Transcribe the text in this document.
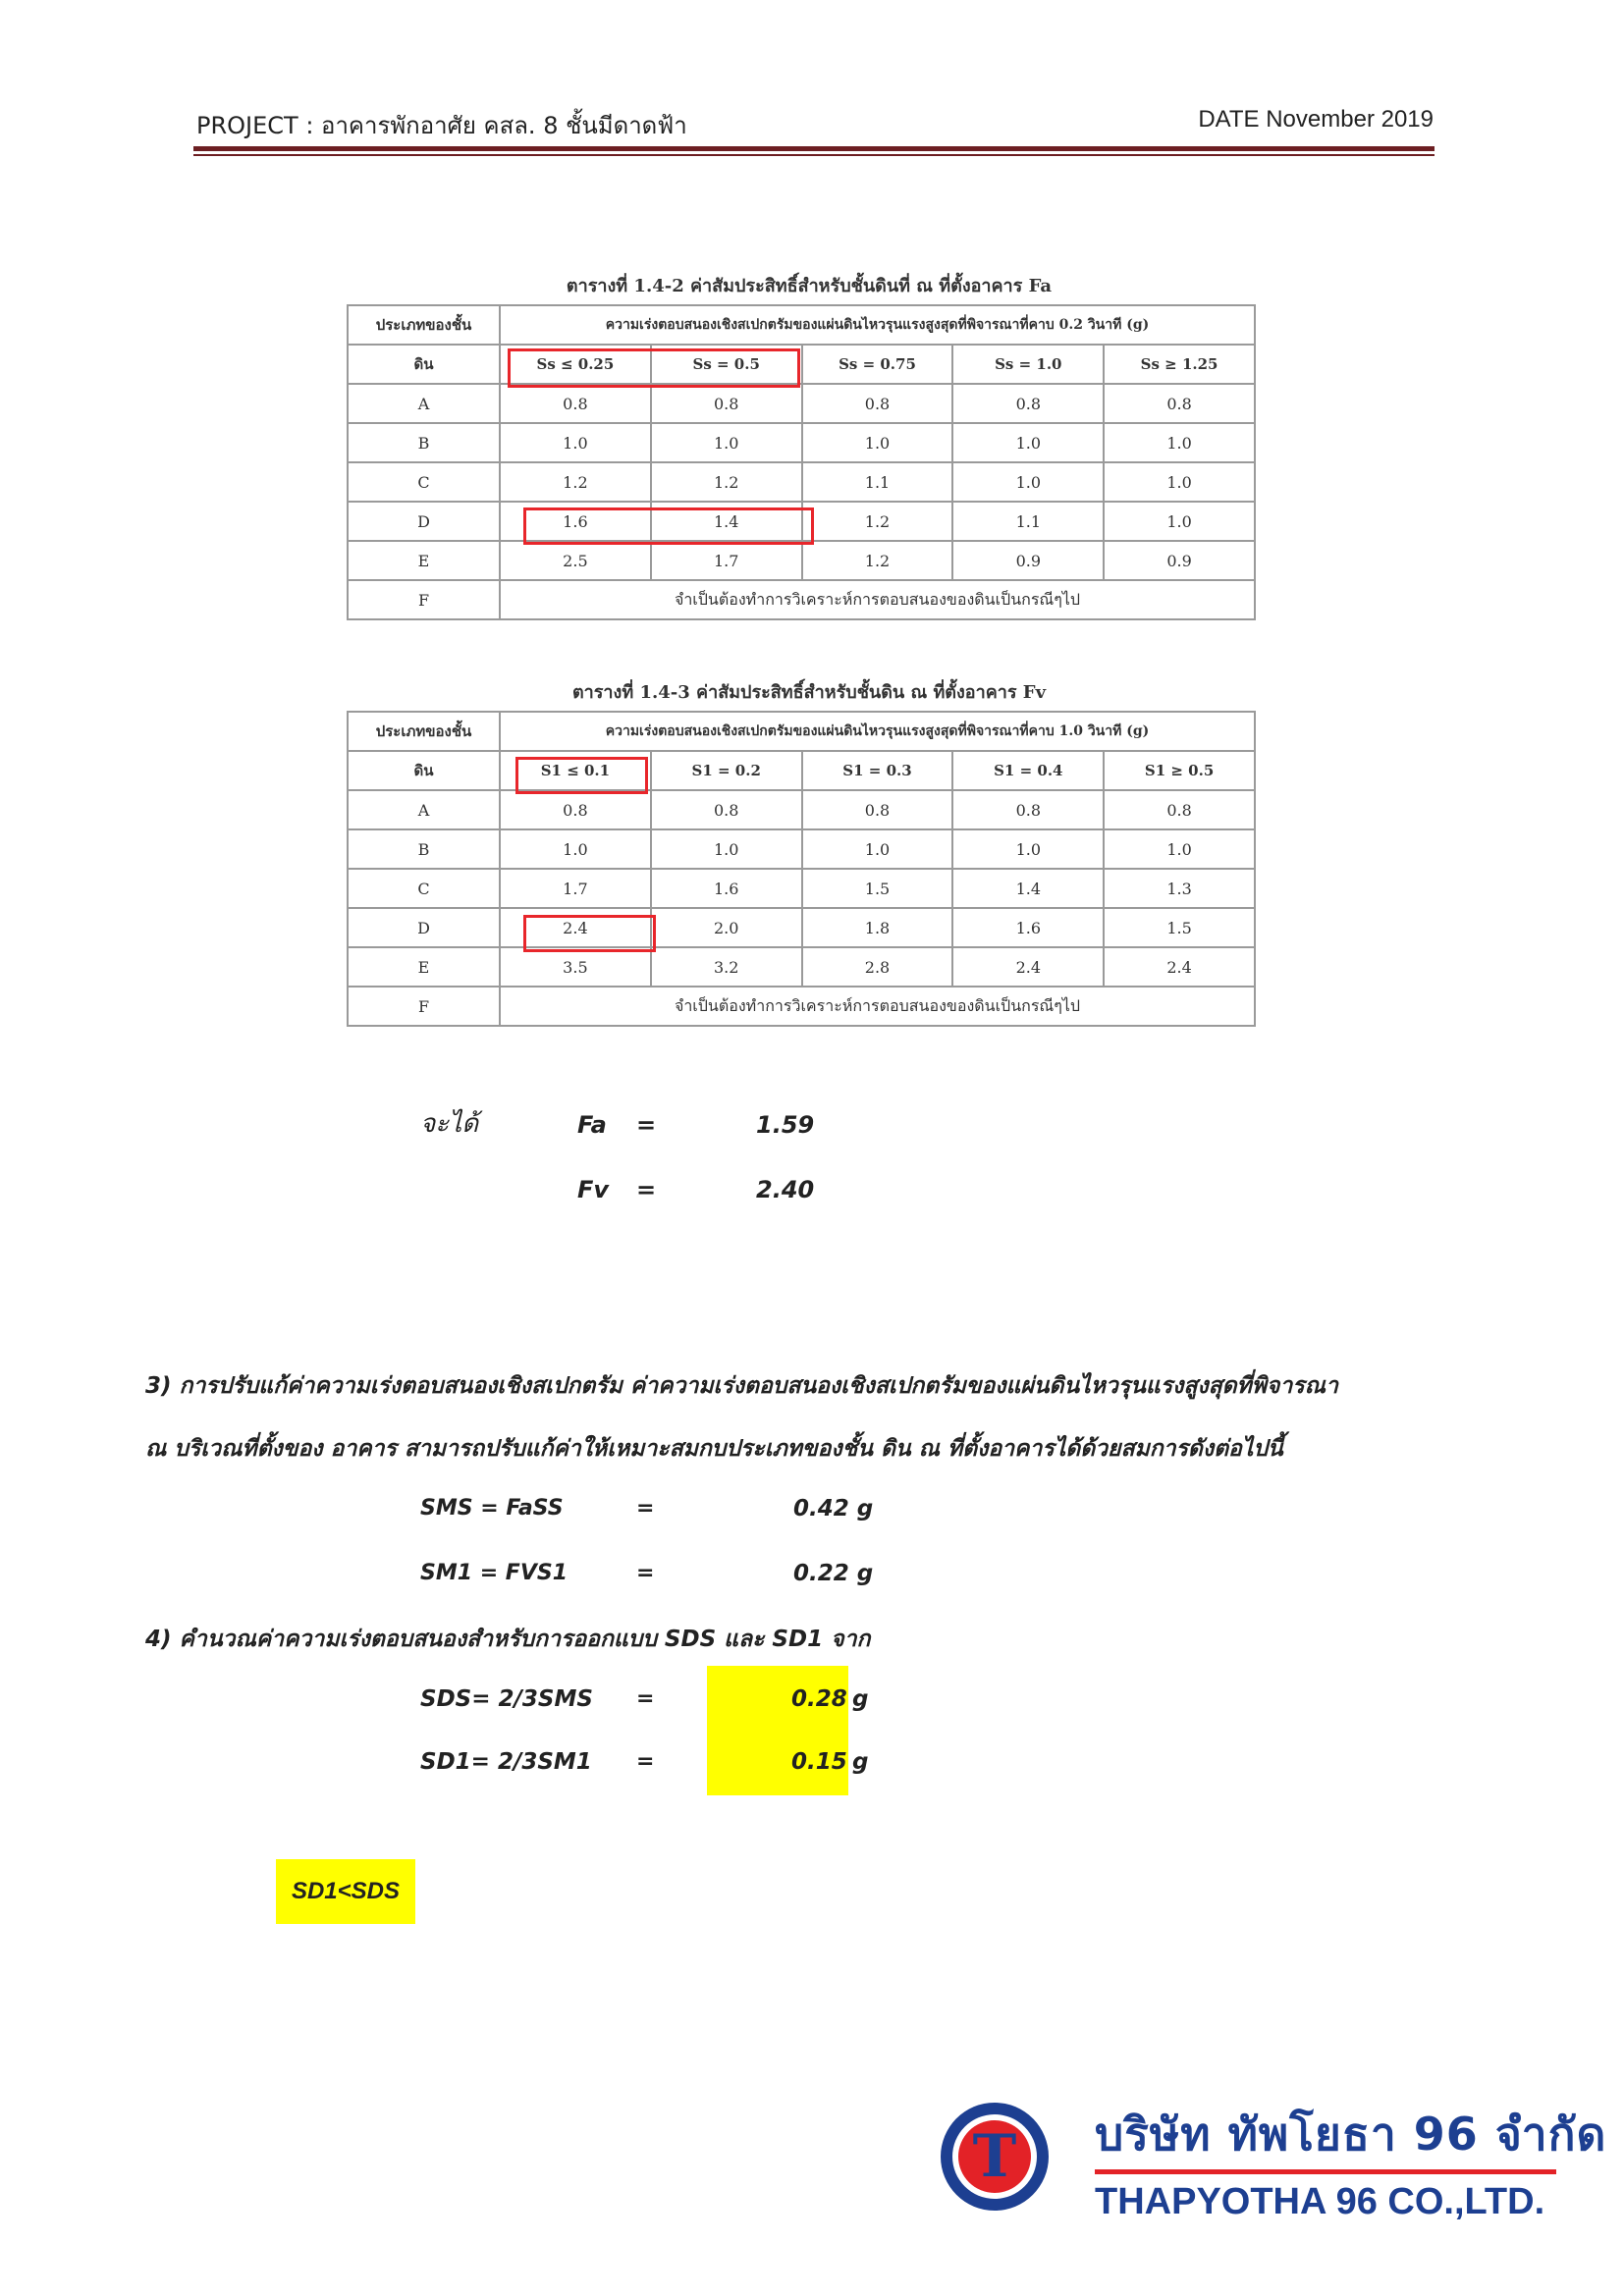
PROJECT : อาคารพักอาศัย คสล. 8 ชั้นมีดาดฟ้า	DATE November 2019
ตารางที่ 1.4-2 ค่าสัมประสิทธิ์สำหรับชั้นดินที่ ณ ที่ตั้งอาคาร Fa
ประเภทของชั้น	ความเร่งตอบสนองเชิงสเปกตรัมของแผ่นดินไหวรุนแรงสูงสุดที่พิจารณาที่คาบ 0.2 วินาที (g)				
ดิน	Ss ≤ 0.25	Ss = 0.5	Ss = 0.75	Ss = 1.0	Ss ≥ 1.25
A	0.8	0.8	0.8	0.8	0.8
B	1.0	1.0	1.0	1.0	1.0
C	1.2	1.2	1.1	1.0	1.0
D	1.6	1.4	1.2	1.1	1.0
E	2.5	1.7	1.2	0.9	0.9
F	จำเป็นต้องทำการวิเคราะห์การตอบสนองของดินเป็นกรณีๆไป				
ตารางที่ 1.4-3 ค่าสัมประสิทธิ์สำหรับชั้นดิน ณ ที่ตั้งอาคาร Fv
ประเภทของชั้น	ความเร่งตอบสนองเชิงสเปกตรัมของแผ่นดินไหวรุนแรงสูงสุดที่พิจารณาที่คาบ 1.0 วินาที (g)				
ดิน	S1 ≤ 0.1	S1 = 0.2	S1 = 0.3	S1 = 0.4	S1 ≥ 0.5
A	0.8	0.8	0.8	0.8	0.8
B	1.0	1.0	1.0	1.0	1.0
C	1.7	1.6	1.5	1.4	1.3
D	2.4	2.0	1.8	1.6	1.5
E	3.5	3.2	2.8	2.4	2.4
F	จำเป็นต้องทำการวิเคราะห์การตอบสนองของดินเป็นกรณีๆไป				
จะได้	Fa =	1.59
Fv =	2.40
3) การปรับแก้ค่าความเร่งตอบสนองเชิงสเปกตรัม ค่าความเร่งตอบสนองเชิงสเปกตรัมของแผ่นดินไหวรุนแรงสูงสุดที่พิจารณา
ณ บริเวณที่ตั้งของ อาคาร สามารถปรับแก้ค่าให้เหมาะสมกบประเภทของชั้น ดิน ณ ที่ตั้งอาคารได้ด้วยสมการดังต่อไปนี้
SMS = FaSS	=	0.42 g
SM1 = FVS1	=	0.22 g
4) คำนวณค่าความเร่งตอบสนองสำหรับการออกแบบ SDS และ SD1 จาก
SDS= 2/3SMS =	0.28 g
SD1= 2/3SM1 =	0.15 g
SD1<SDS
T	บริษัท ทัพโยธา 96 จำกัด
THAPYOTHA 96 CO.,LTD.
